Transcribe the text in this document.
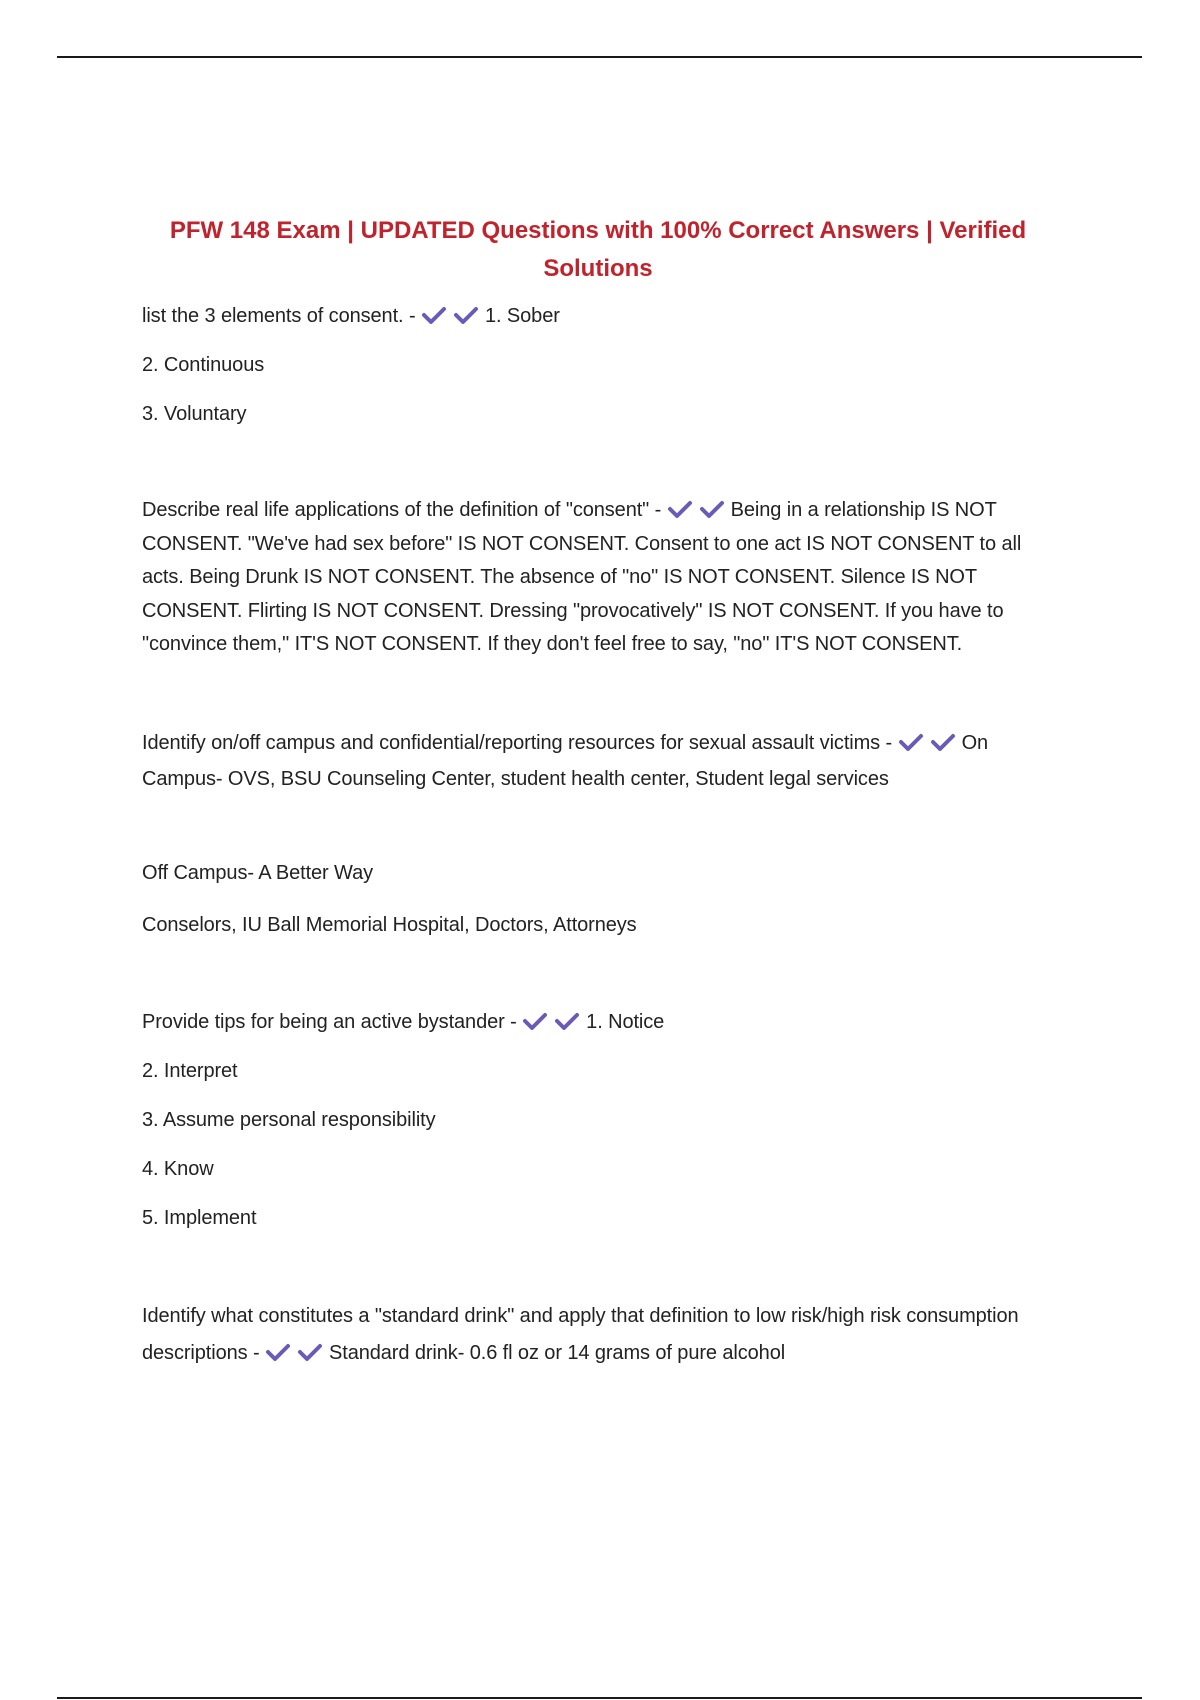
PFW 148 Exam | UPDATED Questions with 100% Correct Answers | Verified Solutions

list the 3 elements of consent. -	1. Sober

2. Continuous

3. Voluntary

Describe real life applications of the definition of "consent" -	Being in a relationship IS NOT CONSENT. "We've had sex before" IS NOT CONSENT. Consent to one act IS NOT CONSENT to all acts. Being Drunk IS NOT CONSENT. The absence of "no" IS NOT CONSENT. Silence IS NOT CONSENT. Flirting IS NOT CONSENT. Dressing "provocatively" IS NOT CONSENT. If you have to "convince them," IT'S NOT CONSENT. If they don't feel free to say, "no" IT'S NOT CONSENT.

Identify on/off campus and confidential/reporting resources for sexual assault victims -	On Campus- OVS, BSU Counseling Center, student health center, Student legal services

Off Campus- A Better Way

Conselors, IU Ball Memorial Hospital, Doctors, Attorneys

Provide tips for being an active bystander -	1. Notice

2. Interpret

3. Assume personal responsibility

4. Know

5. Implement

Identify what constitutes a "standard drink" and apply that definition to low risk/high risk consumption descriptions -	Standard drink- 0.6 fl oz or 14 grams of pure alcohol
